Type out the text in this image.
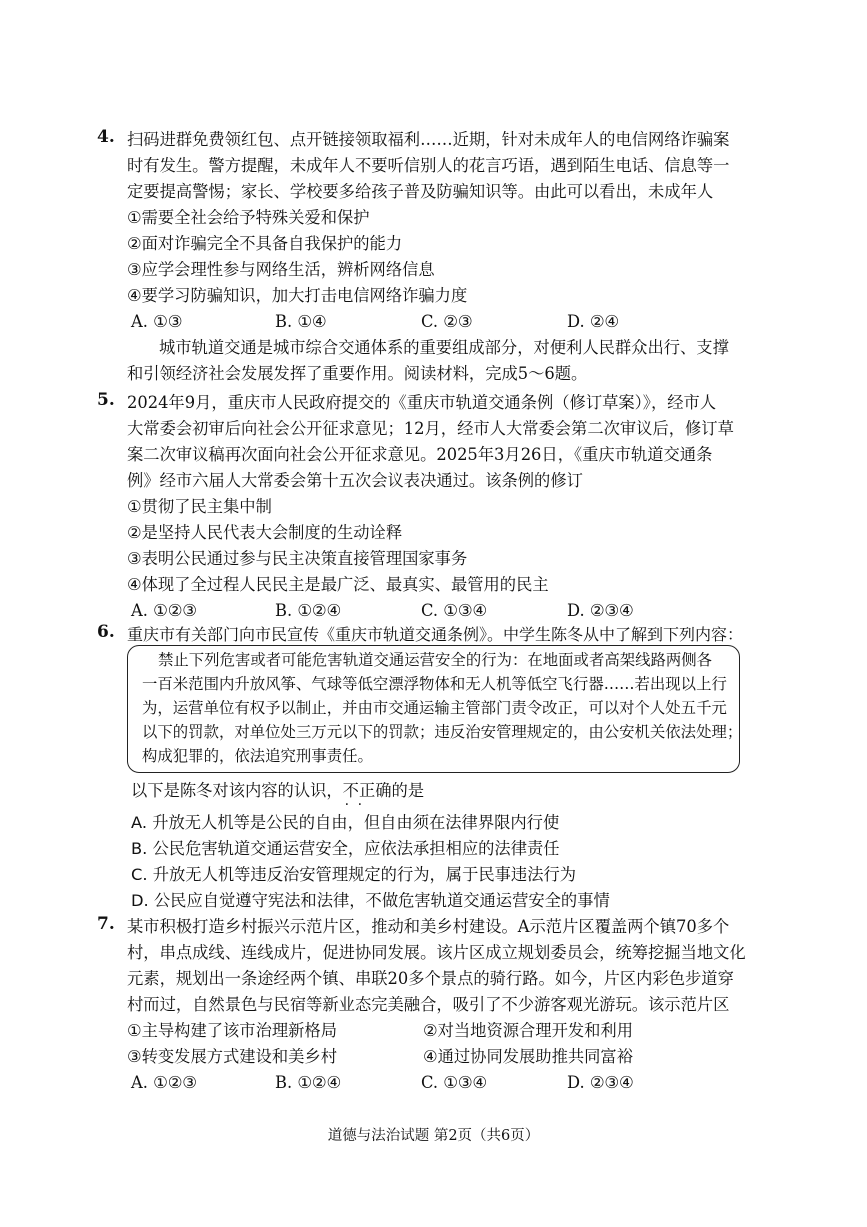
4. 扫码进群免费领红包、点开链接领取福利……近期，针对未成年人的电信网络诈骗案
时有发生。警方提醒，未成年人不要听信别人的花言巧语，遇到陌生电话、信息等一
定要提高警惕；家长、学校要多给孩子普及防骗知识等。由此可以看出，未成年人
①需要全社会给予特殊关爱和保护
②面对诈骗完全不具备自我保护的能力
③应学会理性参与网络生活，辨析网络信息
④要学习防骗知识，加大打击电信网络诈骗力度
A. ①③	B. ①④	C. ②③	D. ②④
城市轨道交通是城市综合交通体系的重要组成部分，对便利人民群众出行、支撑
和引领经济社会发展发挥了重要作用。阅读材料，完成5～6题。
5. 2024年9月，重庆市人民政府提交的《重庆市轨道交通条例（修订草案）》，经市人
大常委会初审后向社会公开征求意见；12月，经市人大常委会第二次审议后，修订草
案二次审议稿再次面向社会公开征求意见。2025年3月26日，《重庆市轨道交通条
例》经市六届人大常委会第十五次会议表决通过。该条例的修订
①贯彻了民主集中制
②是坚持人民代表大会制度的生动诠释
③表明公民通过参与民主决策直接管理国家事务
④体现了全过程人民民主是最广泛、最真实、最管用的民主
A. ①②③	B. ①②④	C. ①③④	D. ②③④
6. 重庆市有关部门向市民宣传《重庆市轨道交通条例》。中学生陈冬从中了解到下列内容：
禁止下列危害或者可能危害轨道交通运营安全的行为：在地面或者高架线路两侧各
一百米范围内升放风筝、气球等低空漂浮物体和无人机等低空飞行器……若出现以上行
为，运营单位有权予以制止，并由市交通运输主管部门责令改正，可以对个人处五千元
以下的罚款，对单位处三万元以下的罚款；违反治安管理规定的，由公安机关依法处理；
构成犯罪的，依法追究刑事责任。
以下是陈冬对该内容的认识，不正确 · ·的是
A. 升放无人机等是公民的自由，但自由须在法律界限内行使
B. 公民危害轨道交通运营安全，应依法承担相应的法律责任
C. 升放无人机等违反治安管理规定的行为，属于民事违法行为
D. 公民应自觉遵守宪法和法律，不做危害轨道交通运营安全的事情
7. 某市积极打造乡村振兴示范片区，推动和美乡村建设。A示范片区覆盖两个镇70多个
村，串点成线、连线成片，促进协同发展。该片区成立规划委员会，统筹挖掘当地文化
元素，规划出一条途经两个镇、串联20多个景点的骑行路。如今，片区内彩色步道穿
村而过，自然景色与民宿等新业态完美融合，吸引了不少游客观光游玩。该示范片区
①主导构建了该市治理新格局	②对当地资源合理开发和利用
③转变发展方式建设和美乡村	④通过协同发展助推共同富裕
A. ①②③	B. ①②④	C. ①③④	D. ②③④
道德与法治试题 第2页（共6页）
